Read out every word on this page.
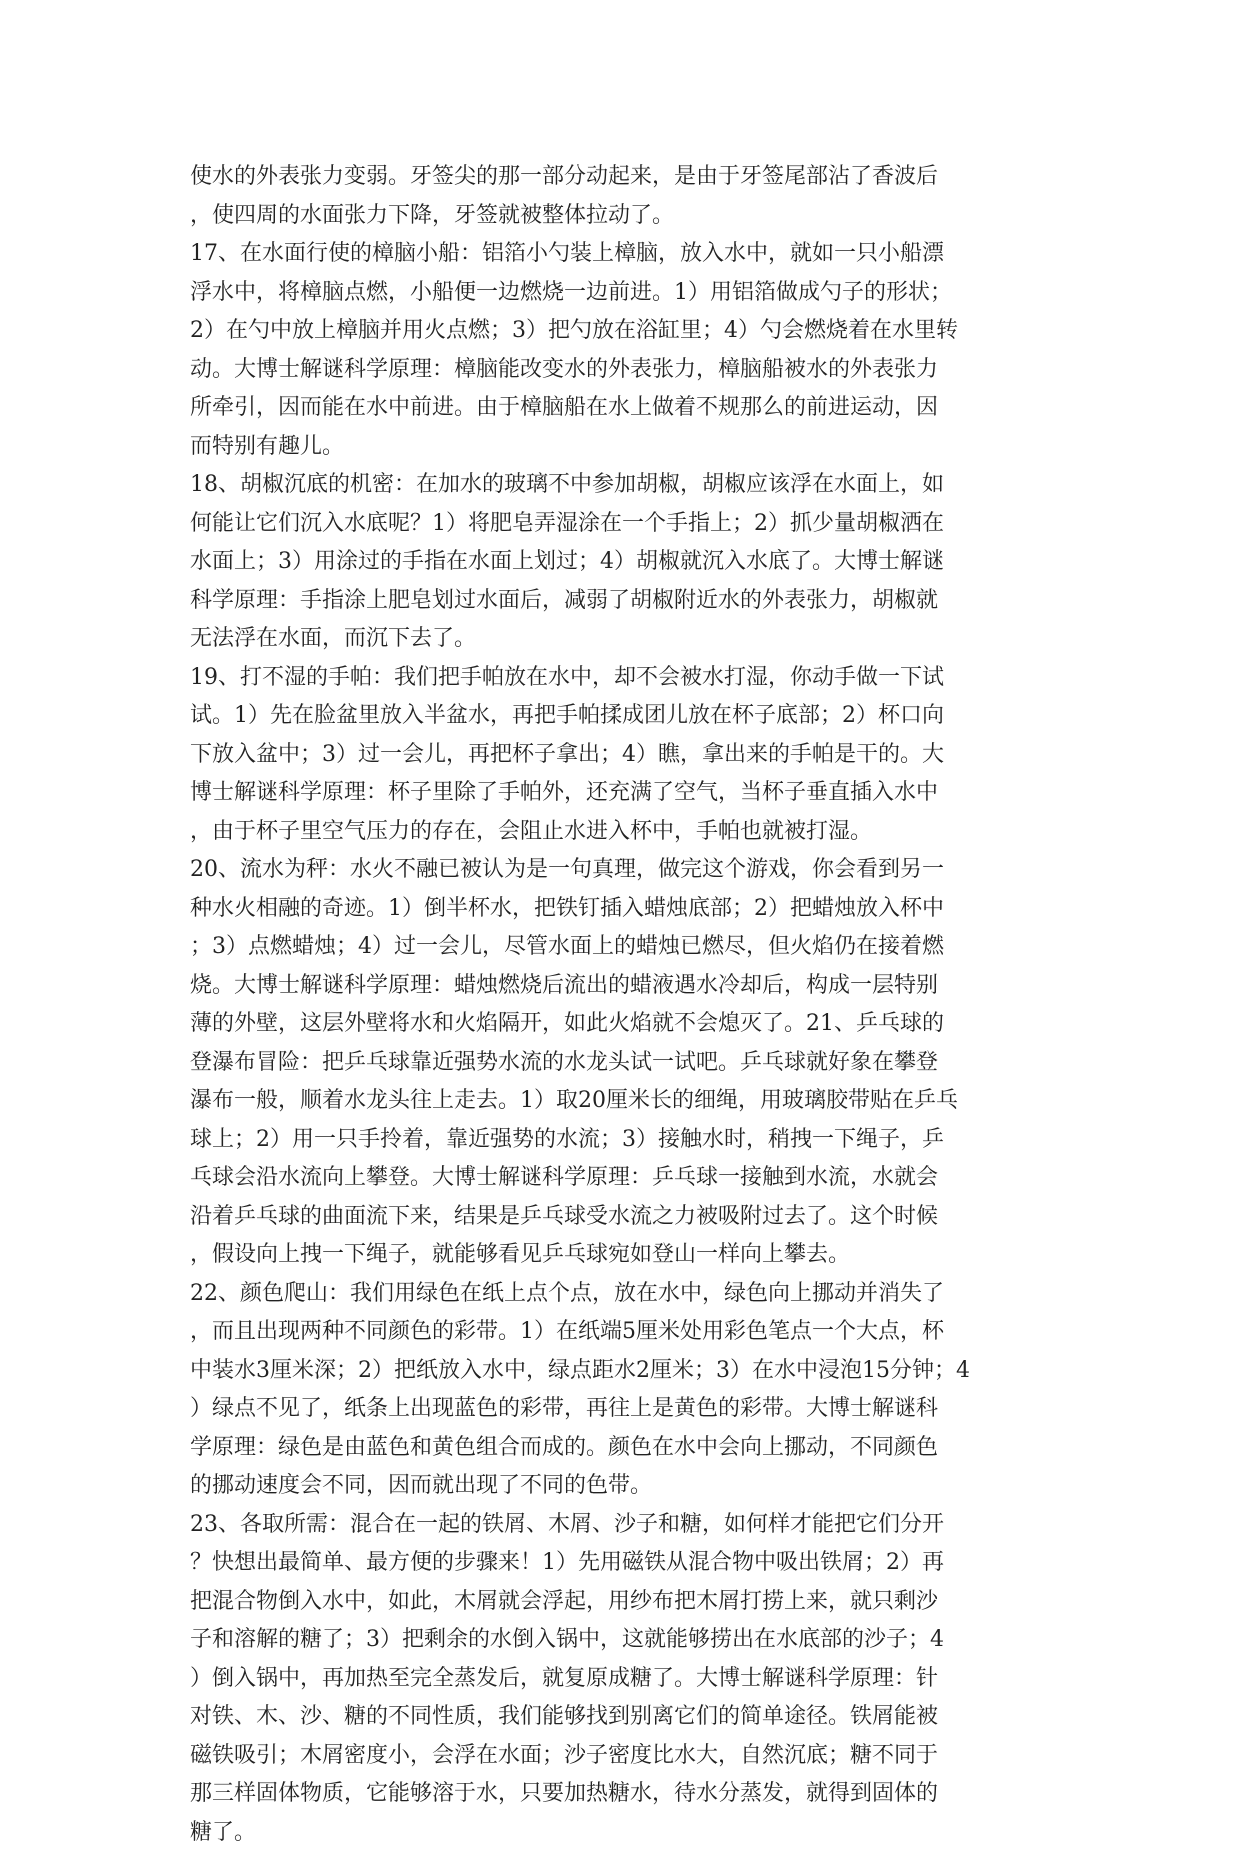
使水的外表张力变弱。牙签尖的那一部分动起来，是由于牙签尾部沾了香波后
，使四周的水面张力下降，牙签就被整体拉动了。
17、在水面行使的樟脑小船：铝箔小勺装上樟脑，放入水中，就如一只小船漂
浮水中，将樟脑点燃，小船便一边燃烧一边前进。1）用铝箔做成勺子的形状；
2）在勺中放上樟脑并用火点燃；3）把勺放在浴缸里；4）勺会燃烧着在水里转
动。大博士解谜科学原理：樟脑能改变水的外表张力，樟脑船被水的外表张力
所牵引，因而能在水中前进。由于樟脑船在水上做着不规那么的前进运动，因
而特别有趣儿。
18、胡椒沉底的机密：在加水的玻璃不中参加胡椒，胡椒应该浮在水面上，如
何能让它们沉入水底呢？1）将肥皂弄湿涂在一个手指上；2）抓少量胡椒洒在
水面上；3）用涂过的手指在水面上划过；4）胡椒就沉入水底了。大博士解谜
科学原理：手指涂上肥皂划过水面后，减弱了胡椒附近水的外表张力，胡椒就
无法浮在水面，而沉下去了。
19、打不湿的手帕：我们把手帕放在水中，却不会被水打湿，你动手做一下试
试。1）先在脸盆里放入半盆水，再把手帕揉成团儿放在杯子底部；2）杯口向
下放入盆中；3）过一会儿，再把杯子拿出；4）瞧，拿出来的手帕是干的。大
博士解谜科学原理：杯子里除了手帕外，还充满了空气，当杯子垂直插入水中
，由于杯子里空气压力的存在，会阻止水进入杯中，手帕也就被打湿。
20、流水为秤：水火不融已被认为是一句真理，做完这个游戏，你会看到另一
种水火相融的奇迹。1）倒半杯水，把铁钉插入蜡烛底部；2）把蜡烛放入杯中
；3）点燃蜡烛；4）过一会儿，尽管水面上的蜡烛已燃尽，但火焰仍在接着燃
烧。大博士解谜科学原理：蜡烛燃烧后流出的蜡液遇水冷却后，构成一层特别
薄的外壁，这层外壁将水和火焰隔开，如此火焰就不会熄灭了。21、乒乓球的
登瀑布冒险：把乒乓球靠近强势水流的水龙头试一试吧。乒乓球就好象在攀登
瀑布一般，顺着水龙头往上走去。1）取20厘米长的细绳，用玻璃胶带贴在乒乓
球上；2）用一只手拎着，靠近强势的水流；3）接触水时，稍拽一下绳子，乒
乓球会沿水流向上攀登。大博士解谜科学原理：乒乓球一接触到水流，水就会
沿着乒乓球的曲面流下来，结果是乒乓球受水流之力被吸附过去了。这个时候
，假设向上拽一下绳子，就能够看见乒乓球宛如登山一样向上攀去。
22、颜色爬山：我们用绿色在纸上点个点，放在水中，绿色向上挪动并消失了
，而且出现两种不同颜色的彩带。1）在纸端5厘米处用彩色笔点一个大点，杯
中装水3厘米深；2）把纸放入水中，绿点距水2厘米；3）在水中浸泡15分钟；4
）绿点不见了，纸条上出现蓝色的彩带，再往上是黄色的彩带。大博士解谜科
学原理：绿色是由蓝色和黄色组合而成的。颜色在水中会向上挪动，不同颜色
的挪动速度会不同，因而就出现了不同的色带。
23、各取所需：混合在一起的铁屑、木屑、沙子和糖，如何样才能把它们分开
？快想出最简单、最方便的步骤来！1）先用磁铁从混合物中吸出铁屑；2）再
把混合物倒入水中，如此，木屑就会浮起，用纱布把木屑打捞上来，就只剩沙
子和溶解的糖了；3）把剩余的水倒入锅中，这就能够捞出在水底部的沙子；4
）倒入锅中，再加热至完全蒸发后，就复原成糖了。大博士解谜科学原理：针
对铁、木、沙、糖的不同性质，我们能够找到别离它们的简单途径。铁屑能被
磁铁吸引；木屑密度小，会浮在水面；沙子密度比水大，自然沉底；糖不同于
那三样固体物质，它能够溶于水，只要加热糖水，待水分蒸发，就得到固体的
糖了。
